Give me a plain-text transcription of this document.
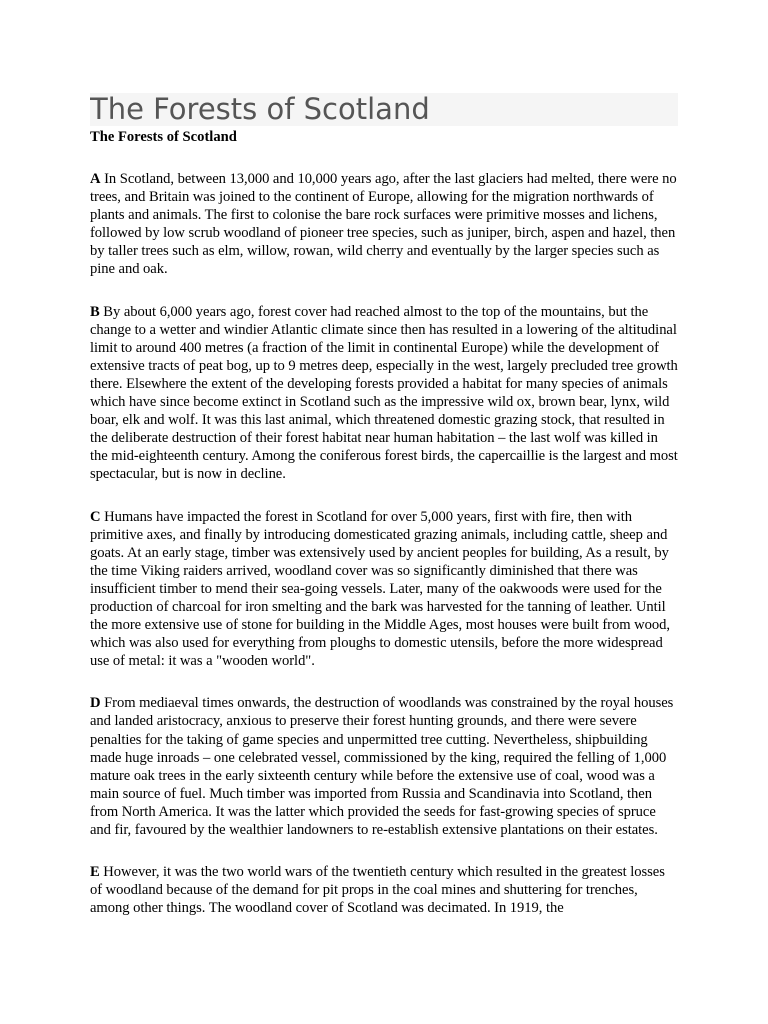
The Forests of Scotland
The Forests of Scotland

A In Scotland, between 13,000 and 10,000 years ago, after the last glaciers had melted, there were no trees, and Britain was joined to the continent of Europe, allowing for the migration northwards of plants and animals. The first to colonise the bare rock surfaces were primitive mosses and lichens, followed by low scrub woodland of pioneer tree species, such as juniper, birch, aspen and hazel, then by taller trees such as elm, willow, rowan, wild cherry and eventually by the larger species such as pine and oak.

B By about 6,000 years ago, forest cover had reached almost to the top of the mountains, but the change to a wetter and windier Atlantic climate since then has resulted in a lowering of the altitudinal limit to around 400 metres (a fraction of the limit in continental Europe) while the development of extensive tracts of peat bog, up to 9 metres deep, especially in the west, largely precluded tree growth there. Elsewhere the extent of the developing forests provided a habitat for many species of animals which have since become extinct in Scotland such as the impressive wild ox, brown bear, lynx, wild boar, elk and wolf. It was this last animal, which threatened domestic grazing stock, that resulted in the deliberate destruction of their forest habitat near human habitation – the last wolf was killed in the mid-eighteenth century. Among the coniferous forest birds, the capercaillie is the largest and most spectacular, but is now in decline.

C Humans have impacted the forest in Scotland for over 5,000 years, first with fire, then with primitive axes, and finally by introducing domesticated grazing animals, including cattle, sheep and goats. At an early stage, timber was extensively used by ancient peoples for building, As a result, by the time Viking raiders arrived, woodland cover was so significantly diminished that there was insufficient timber to mend their sea-going vessels. Later, many of the oakwoods were used for the production of charcoal for iron smelting and the bark was harvested for the tanning of leather. Until the more extensive use of stone for building in the Middle Ages, most houses were built from wood, which was also used for everything from ploughs to domestic utensils, before the more widespread use of metal: it was a "wooden world".

D From mediaeval times onwards, the destruction of woodlands was constrained by the royal houses and landed aristocracy, anxious to preserve their forest hunting grounds, and there were severe penalties for the taking of game species and unpermitted tree cutting. Nevertheless, shipbuilding made huge inroads – one celebrated vessel, commissioned by the king, required the felling of 1,000 mature oak trees in the early sixteenth century while before the extensive use of coal, wood was a main source of fuel. Much timber was imported from Russia and Scandinavia into Scotland, then from North America. It was the latter which provided the seeds for fast-growing species of spruce and fir, favoured by the wealthier landowners to re-establish extensive plantations on their estates.

E However, it was the two world wars of the twentieth century which resulted in the greatest losses of woodland because of the demand for pit props in the coal mines and shuttering for trenches, among other things. The woodland cover of Scotland was decimated. In 1919, the
